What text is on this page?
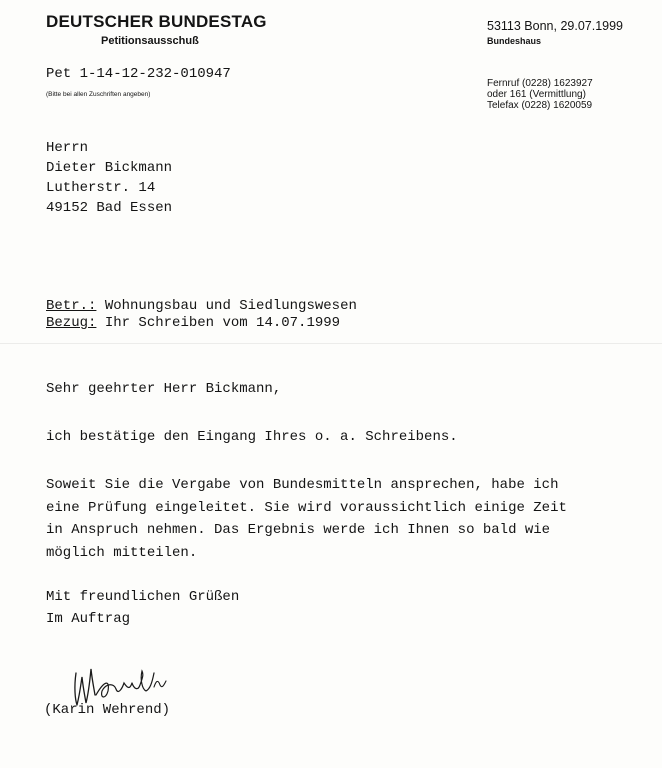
DEUTSCHER BUNDESTAG
Petitionsausschuß
Pet 1-14-12-232-010947
(Bitte bei allen Zuschriften angeben)
53113 Bonn, 29.07.1999
Bundeshaus
Fernruf (0228) 1623927
oder 161 (Vermittlung)
Telefax (0228) 1620059
Herrn
Dieter Bickmann
Lutherstr. 14
49152 Bad Essen
Betr.: Wohnungsbau und Siedlungswesen
Bezug: Ihr Schreiben vom 14.07.1999
Sehr geehrter Herr Bickmann,
ich bestätige den Eingang Ihres o. a. Schreibens.
Soweit Sie die Vergabe von Bundesmitteln ansprechen, habe ich
eine Prüfung eingeleitet. Sie wird voraussichtlich einige Zeit
in Anspruch nehmen. Das Ergebnis werde ich Ihnen so bald wie
möglich mitteilen.
Mit freundlichen Grüßen
Im Auftrag
(Karin Wehrend)
